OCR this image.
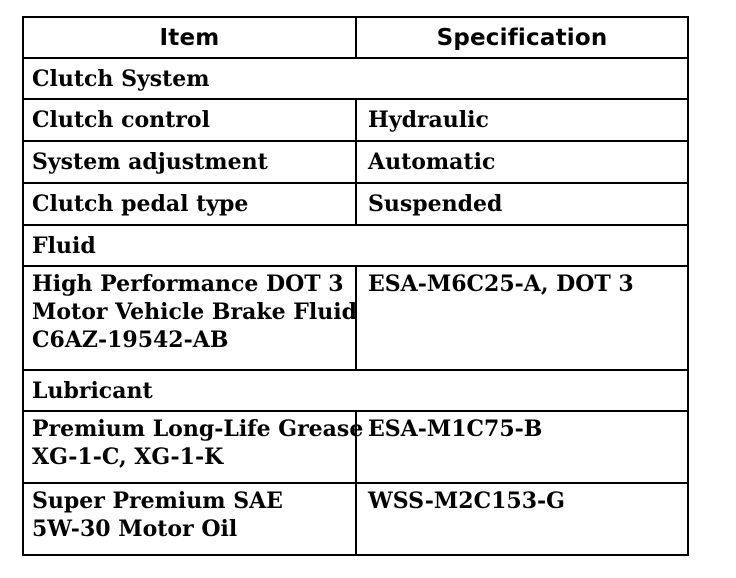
Item	Specification
Clutch System	

Clutch control	Hydraulic

System adjustment	Automatic

Clutch pedal type	Suspended
Fluid	

High Performance DOT 3
Motor Vehicle Brake Fluid
C6AZ-19542-AB	ESA-M6C25-A, DOT 3
Lubricant	

Premium Long-Life Grease
XG-1-C, XG-1-K	ESA-M1C75-B

Super Premium SAE
5W-30 Motor Oil	WSS-M2C153-G
